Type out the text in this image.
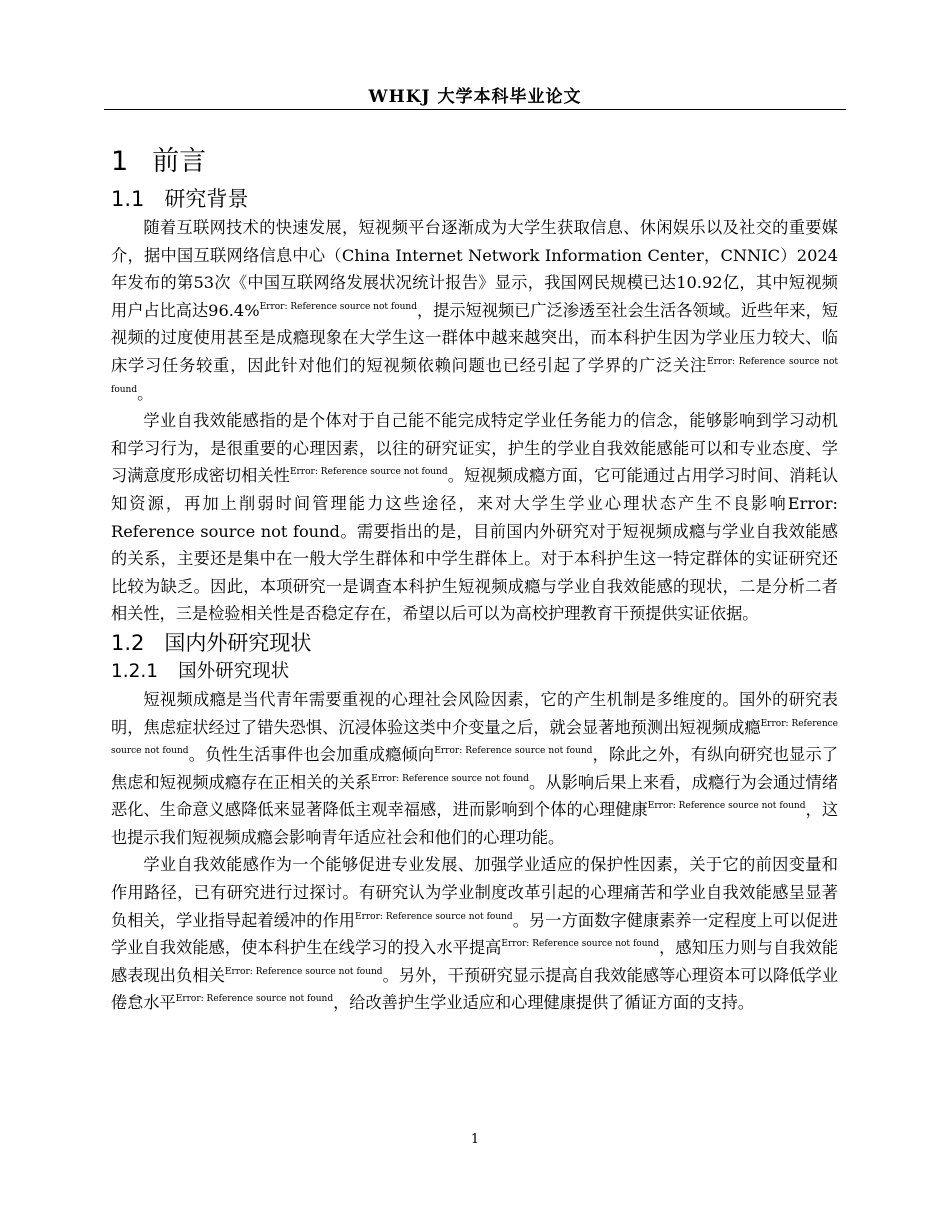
WHKJ 大学本科毕业论文
1 前言
1.1 研究背景

随着互联网技术的快速发展，短视频平台逐渐成为大学生获取信息、休闲娱乐以及社交的重要媒介，据中国互联网络信息中心（China Internet Network Information Center，CNNIC）2024年发布的第53次《中国互联网络发展状况统计报告》显示，我国网民规模已达10.92亿，其中短视频用户占比高达96.4%$^{Error: Reference source not found}$，提示短视频已广泛渗透至社会生活各领域。近些年来，短视频的过度使用甚至是成瘾现象在大学生这一群体中越来越突出，而本科护生因为学业压力较大、临床学习任务较重，因此针对他们的短视频依赖问题也已经引起了学界的广泛关注$^{Error: Reference source not found}$。

学业自我效能感指的是个体对于自己能不能完成特定学业任务能力的信念，能够影响到学习动机和学习行为，是很重要的心理因素，以往的研究证实，护生的学业自我效能感能可以和专业态度、学习满意度形成密切相关性$^{Error: Reference source not found}$。短视频成瘾方面，它可能通过占用学习时间、消耗认知资源，再加上削弱时间管理能力这些途径，来对大学生学业心理状态产生不良影响Error: Reference source not found。需要指出的是，目前国内外研究对于短视频成瘾与学业自我效能感的关系，主要还是集中在一般大学生群体和中学生群体上。对于本科护生这一特定群体的实证研究还比较为缺乏。因此，本项研究一是调查本科护生短视频成瘾与学业自我效能感的现状，二是分析二者相关性，三是检验相关性是否稳定存在，希望以后可以为高校护理教育干预提供实证依据。

1.2 国内外研究现状
1.2.1 国外研究现状

短视频成瘾是当代青年需要重视的心理社会风险因素，它的产生机制是多维度的。国外的研究表明，焦虑症状经过了错失恐惧、沉浸体验这类中介变量之后，就会显著地预测出短视频成瘾$^{Error: Reference source not found}$。负性生活事件也会加重成瘾倾向$^{Error: Reference source not found}$，除此之外，有纵向研究也显示了焦虑和短视频成瘾存在正相关的关系$^{Error: Reference source not found}$。从影响后果上来看，成瘾行为会通过情绪恶化、生命意义感降低来显著降低主观幸福感，进而影响到个体的心理健康$^{Error: Reference source not found}$，这也提示我们短视频成瘾会影响青年适应社会和他们的心理功能。

学业自我效能感作为一个能够促进专业发展、加强学业适应的保护性因素，关于它的前因变量和作用路径，已有研究进行过探讨。有研究认为学业制度改革引起的心理痛苦和学业自我效能感呈显著负相关，学业指导起着缓冲的作用$^{Error: Reference source not found}$。另一方面数字健康素养一定程度上可以促进学业自我效能感，使本科护生在线学习的投入水平提高$^{Error: Reference source not found}$，感知压力则与自我效能感表现出负相关$^{Error: Reference source not found}$。另外，干预研究显示提高自我效能感等心理资本可以降低学业倦怠水平$^{Error: Reference source not found}$，给改善护生学业适应和心理健康提供了循证方面的支持。

1
